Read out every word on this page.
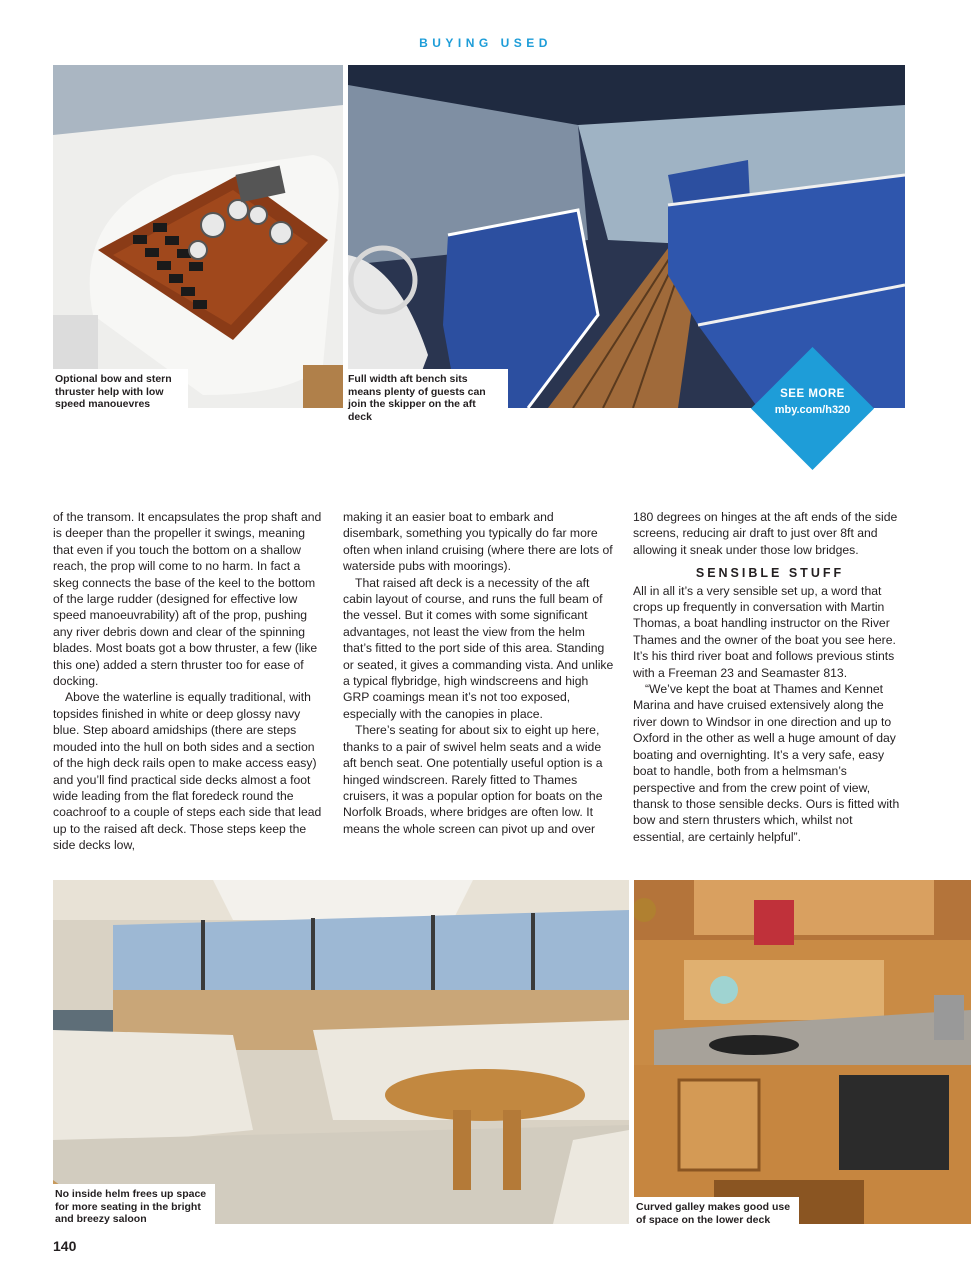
BUYING USED
Optional bow and stern thruster help with low speed manouevres
Full width aft bench sits means plenty of guests can join the skipper on the aft deck
SEE MORE
mby.com/h320

of the transom. It encapsulates the prop shaft and is deeper than the propeller it swings, meaning that even if you touch the bottom on a shallow reach, the prop will come to no harm. In fact a skeg connects the base of the keel to the bottom of the large rudder (designed for effective low speed manoeuvrability) aft of the prop, pushing any river debris down and clear of the spinning blades. Most boats got a bow thruster, a few (like this one) added a stern thruster too for ease of docking.

Above the waterline is equally traditional, with topsides finished in white or deep glossy navy blue. Step aboard amidships (there are steps mouded into the hull on both sides and a section of the high deck rails open to make access easy) and you’ll find practical side decks almost a foot wide leading from the flat foredeck round the coachroof to a couple of steps each side that lead up to the raised aft deck. Those steps keep the side decks low,

making it an easier boat to embark and disembark, something you typically do far more often when inland cruising (where there are lots of waterside pubs with moorings).

That raised aft deck is a necessity of the aft cabin layout of course, and runs the full beam of the vessel. But it comes with some significant advantages, not least the view from the helm that’s fitted to the port side of this area. Standing or seated, it gives a commanding vista. And unlike a typical flybridge, high windscreens and high GRP coamings mean it’s not too exposed, especially with the canopies in place.

There’s seating for about six to eight up here, thanks to a pair of swivel helm seats and a wide aft bench seat. One potentially useful option is a hinged windscreen. Rarely fitted to Thames cruisers, it was a popular option for boats on the Norfolk Broads, where bridges are often low. It means the whole screen can pivot up and over

180 degrees on hinges at the aft ends of the side screens, reducing air draft to just over 8ft and allowing it sneak under those low bridges.

SENSIBLE STUFF

All in all it’s a very sensible set up, a word that crops up frequently in conversation with Martin Thomas, a boat handling instructor on the River Thames and the owner of the boat you see here. It’s his third river boat and follows previous stints with a Freeman 23 and Seamaster 813.

“We’ve kept the boat at Thames and Kennet Marina and have cruised extensively along the river down to Windsor in one direction and up to Oxford in the other as well a huge amount of day boating and overnighting. It’s a very safe, easy boat to handle, both from a helmsman’s perspective and from the crew point of view, thansk to those sensible decks. Ours is fitted with bow and stern thrusters which, whilst not essential, are certainly helpful”.

No inside helm frees up space for more seating in the bright and breezy saloon
Curved galley makes good use of space on the lower deck
140
